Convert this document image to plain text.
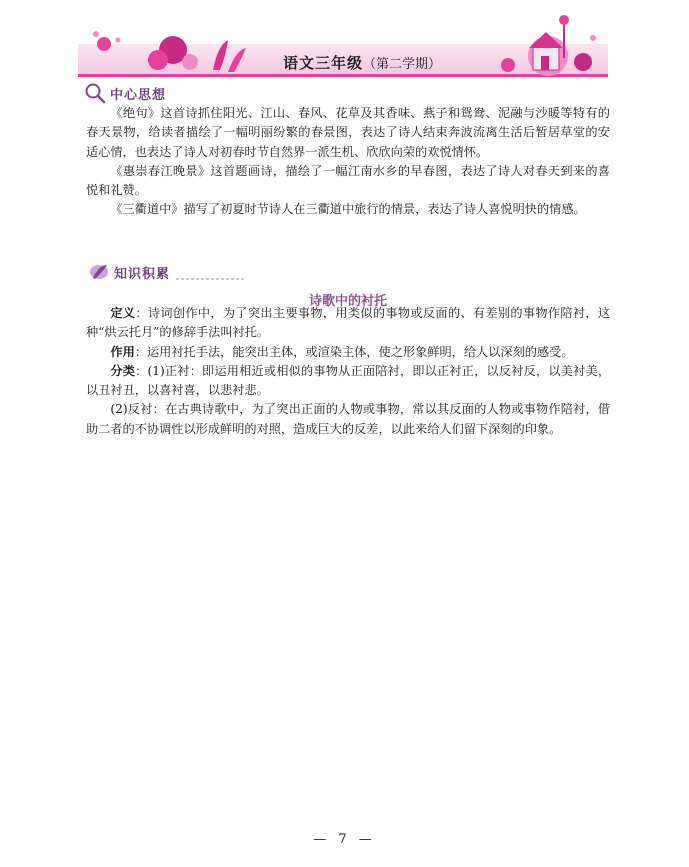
语文三年级（第二学期）
中心思想

《绝句》这首诗抓住阳光、江山、春风、花草及其香味、燕子和鸳鸯、泥融与沙暖等特有的春天景物，给读者描绘了一幅明丽纷繁的春景图，表达了诗人结束奔波流离生活后暂居草堂的安适心情，也表达了诗人对初春时节自然界一派生机、欣欣向荣的欢悦情怀。

《惠崇春江晚景》这首题画诗，描绘了一幅江南水乡的早春图，表达了诗人对春天到来的喜悦和礼赞。

《三衢道中》描写了初夏时节诗人在三衢道中旅行的情景，表达了诗人喜悦明快的情感。

知识积累
诗歌中的衬托

定义：诗词创作中，为了突出主要事物，用类似的事物或反面的、有差别的事物作陪衬，这种“烘云托月”的修辞手法叫衬托。

作用：运用衬托手法，能突出主体，或渲染主体，使之形象鲜明，给人以深刻的感受。

分类：(1)正衬：即运用相近或相似的事物从正面陪衬，即以正衬正，以反衬反，以美衬美，以丑衬丑，以喜衬喜，以悲衬悲。

(2)反衬：在古典诗歌中，为了突出正面的人物或事物，常以其反面的人物或事物作陪衬，借助二者的不协调性以形成鲜明的对照，造成巨大的反差，以此来给人们留下深刻的印象。

— 7 —
